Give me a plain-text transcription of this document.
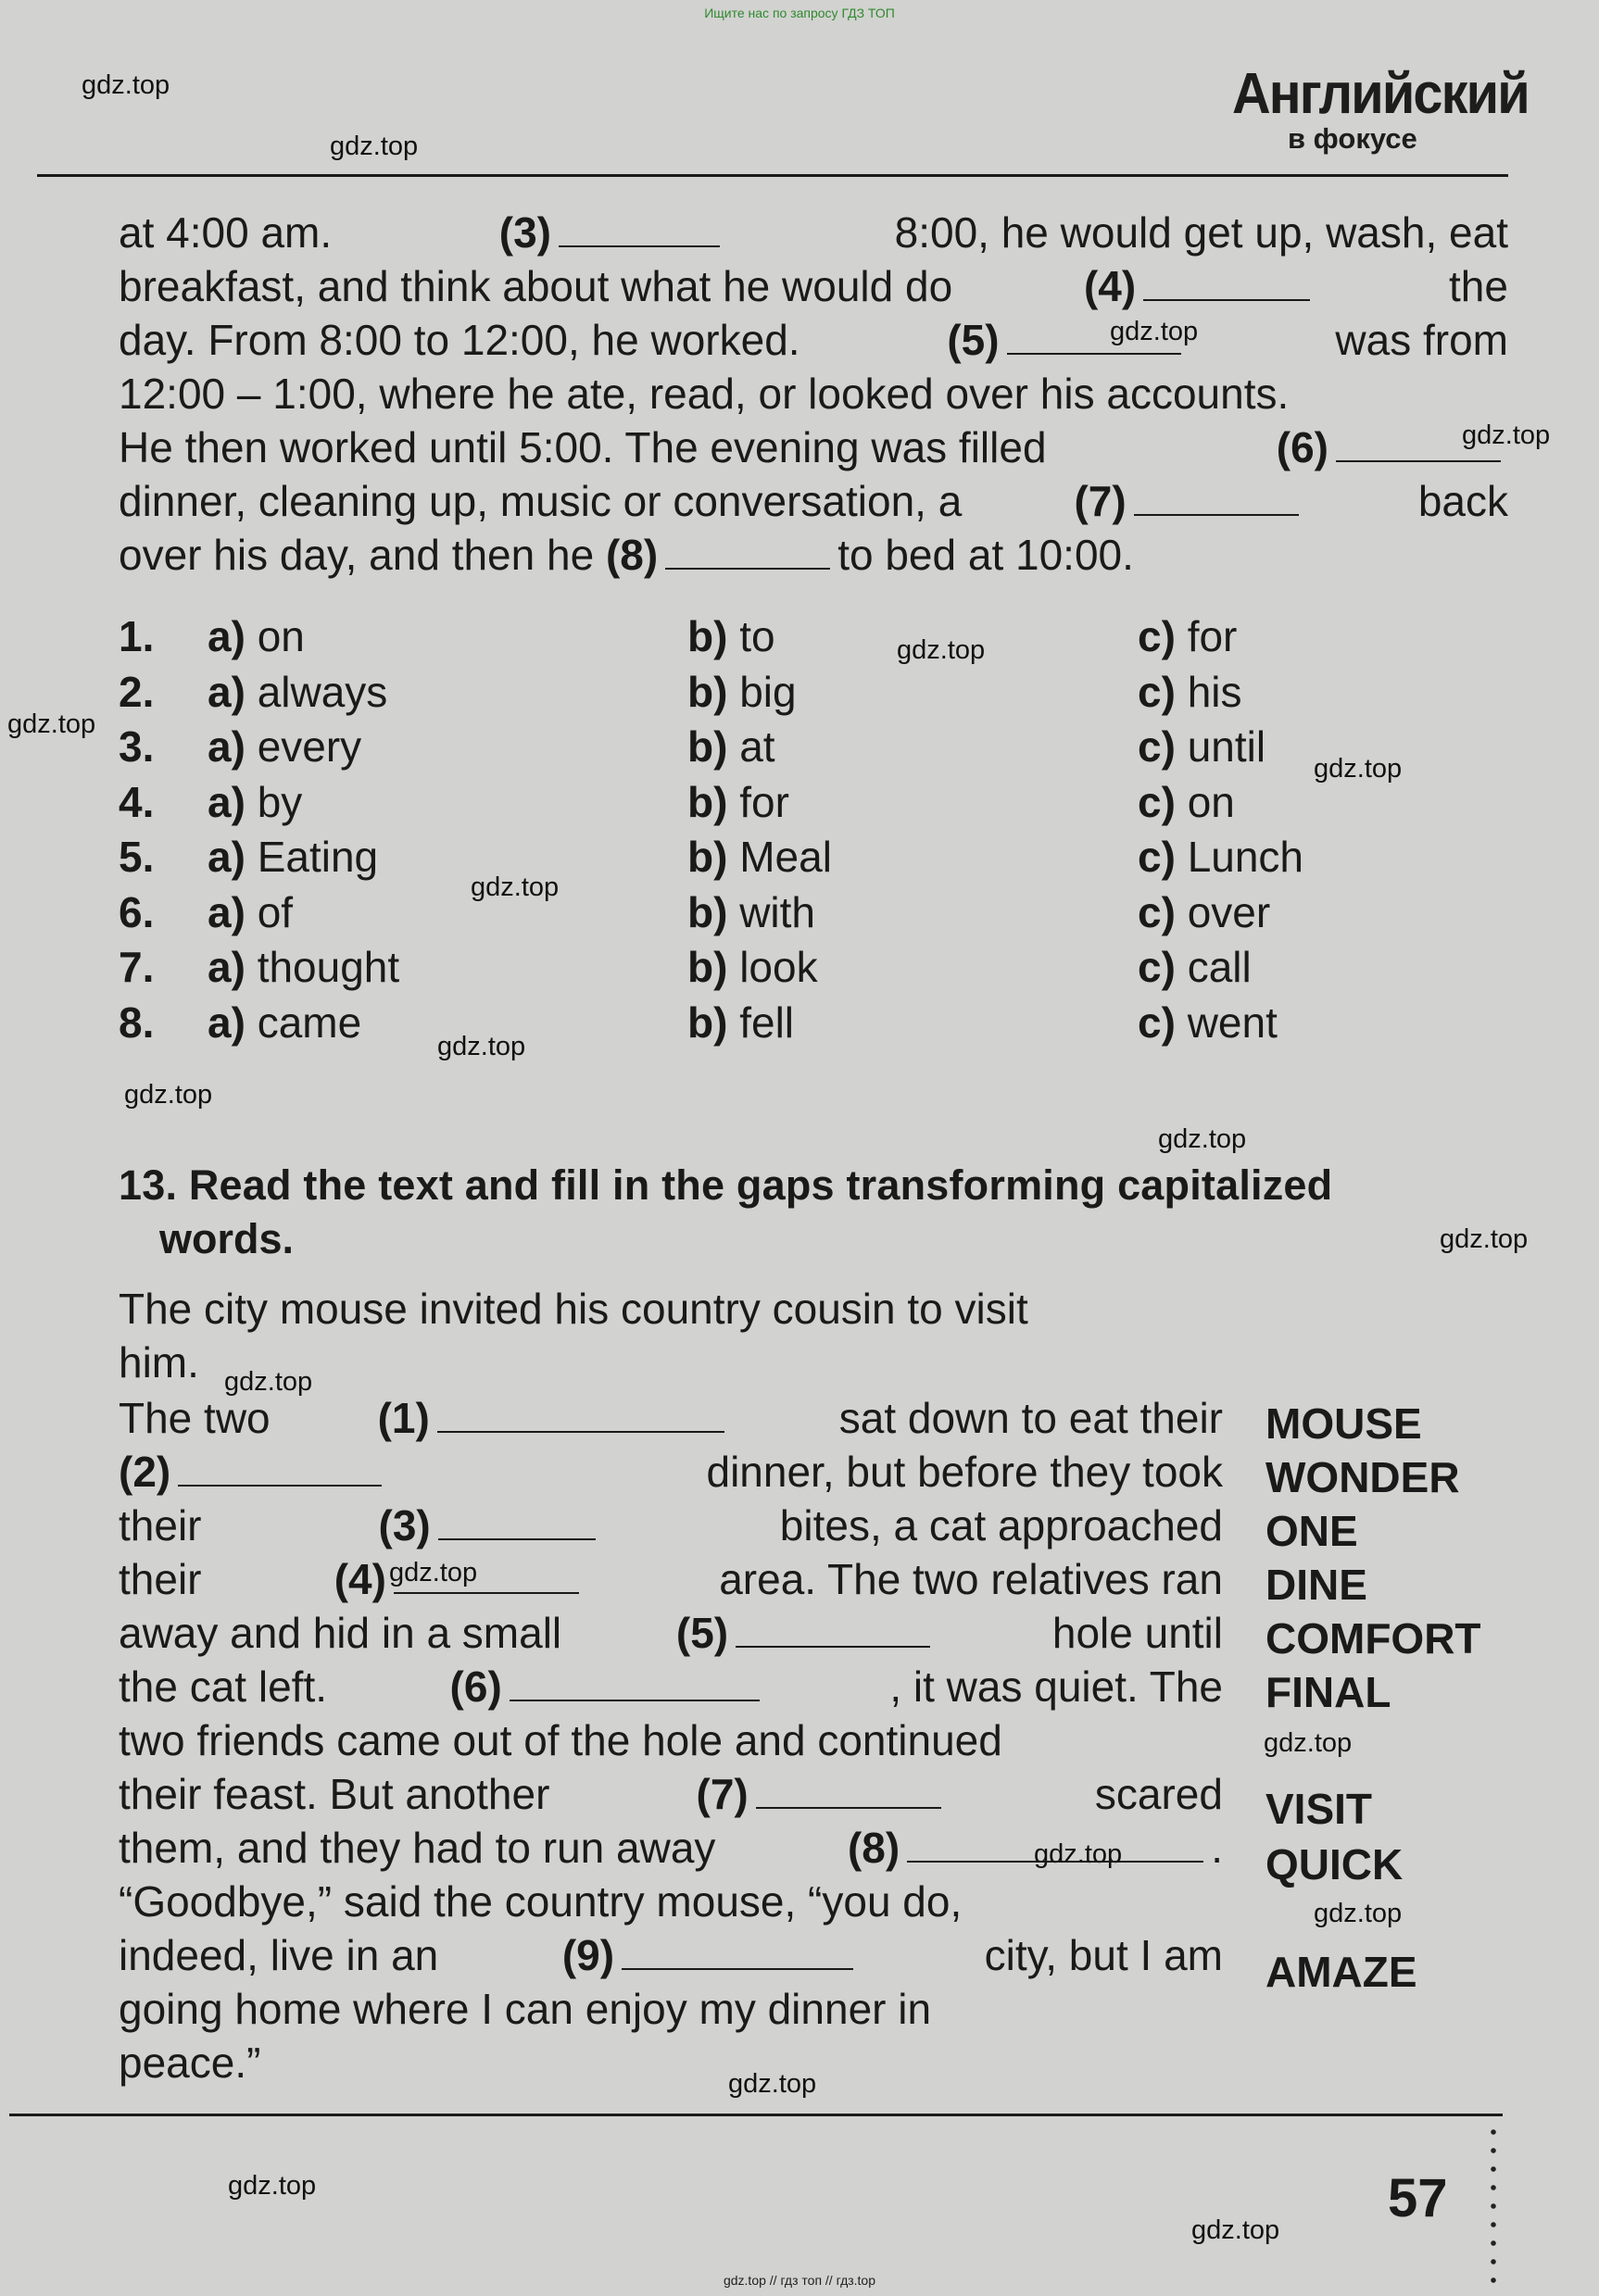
Ищите нас по запросу ГДЗ ТОП
Английский
в фокусе
gdz.top
gdz.top
gdz.top
gdz.top
gdz.top
gdz.top
gdz.top
gdz.top
gdz.top
gdz.top
gdz.top
gdz.top
gdz.top
gdz.top
gdz.top
gdz.top
gdz.top
gdz.top
gdz.top
gdz.top
at 4:00 am.	(3)	8:00, he would get up, wash, eat
breakfast, and think about what he would do	(4)	the
day. From 8:00 to 12:00, he worked.	(5)	was from
12:00 – 1:00, where he ate, read, or looked over his accounts.
He then worked until 5:00. The evening was filled	(6)
dinner, cleaning up, music or conversation, a	(7)	back
over his day, and then he (8)	to bed at 10:00.
1. a) on	b) to	c) for
2. a) always	b) big	c) his
3. a) every	b) at	c) until
4. a) by	b) for	c) on
5. a) Eating	b) Meal	c) Lunch
6. a) of	b) with	c) over
7. a) thought	b) look	c) call
8. a) came	b) fell	c) went
13. Read the text and fill in the gaps transforming capitalized
words.
The city mouse invited his country cousin to visit
him.
The two	(1)	sat down to eat their
(2)	dinner, but before they took
their	(3)	bites, a cat approached
their	(4)	area. The two relatives ran
away and hid in a small	(5)	hole until
the cat left.	(6)	, it was quiet. The
two friends came out of the hole and continued
their feast. But another	(7)	scared
them, and they had to run away	(8)	.
“Goodbye,” said the country mouse, “you do,
indeed, live in an	(9)	city, but I am
going home where I can enjoy my dinner in
peace.”
MOUSE
WONDER
ONE
DINE
COMFORT
FINAL
VISIT
QUICK
AMAZE
57
gdz.top // гдз топ // гдз.top
